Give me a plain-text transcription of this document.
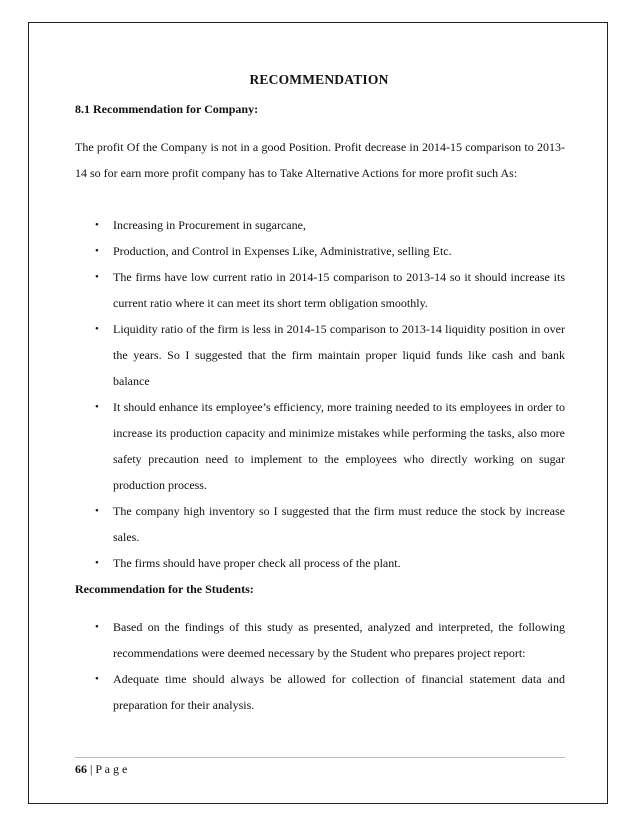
RECOMMENDATION
8.1 Recommendation for Company:
The profit Of the Company is not in a good Position. Profit decrease in 2014-15 comparison to 2013-14 so for earn more profit company has to Take Alternative Actions for more profit such As:
• Increasing in Procurement in sugarcane,
• Production, and Control in Expenses Like, Administrative, selling Etc.
• The firms have low current ratio in 2014-15 comparison to 2013-14 so it should increase its current ratio where it can meet its short term obligation smoothly.
• Liquidity ratio of the firm is less in 2014-15 comparison to 2013-14 liquidity position in over the years. So I suggested that the firm maintain proper liquid funds like cash and bank balance
• It should enhance its employee’s efficiency, more training needed to its employees in order to increase its production capacity and minimize mistakes while performing the tasks, also more safety precaution need to implement to the employees who directly working on sugar production process.
• The company high inventory so I suggested that the firm must reduce the stock by increase sales.
• The firms should have proper check all process of the plant.
Recommendation for the Students:
• Based on the findings of this study as presented, analyzed and interpreted, the following recommendations were deemed necessary by the Student who prepares project report:
• Adequate time should always be allowed for collection of financial statement data and preparation for their analysis.
66 | P a g e
